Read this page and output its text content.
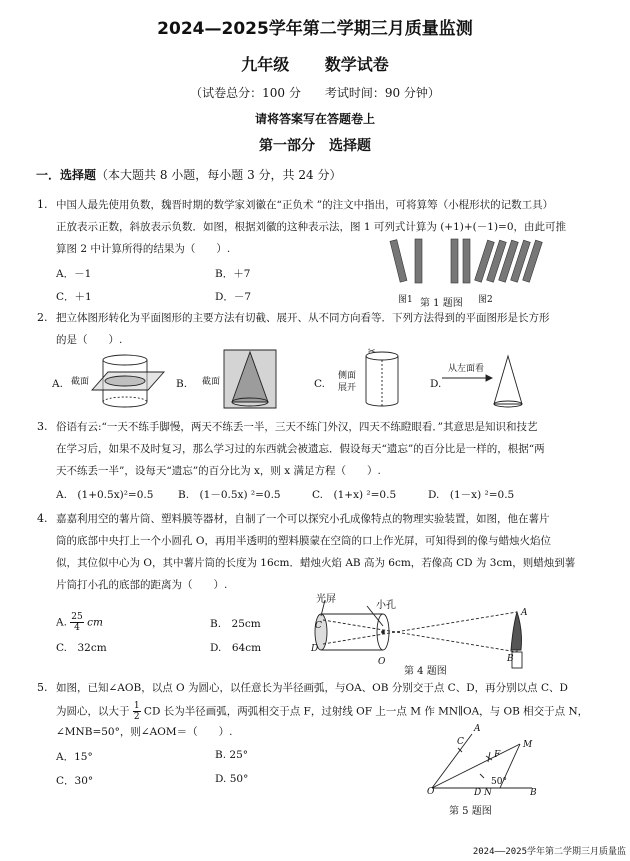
2024—2025学年第二学期三月质量监测
九年级　 数学试卷
（试卷总分：100 分　　考试时间：90 分钟）
请将答案写在答题卷上
第一部分　选择题
一．选择题（本大题共 8 小题，每小题 3 分，共 24 分）
1. 中国人最先使用负数，魏晋时期的数学家刘徽在“正负术 ”的注文中指出，可将算筹（小棍形状的记数工具）
正放表示正数，斜放表示负数．如图，根据刘徽的这种表示法，图 1 可列式计算为 (+1)+(－1)=0，由此可推
算图 2 中计算所得的结果为（　　）.
A．－1	B．＋7
C．＋1	D．－7	图1	图2
第 1 题图
2. 把立体图形转化为平面图形的主要方法有切截、展开、从不同方向看等．下列方法得到的平面图形是长方形
的是（　　）.
A. 截面	B. 截面	C.
侧面
展开
✂
D.
从左面看
3. 俗语有云:“一天不练手脚慢，两天不练丢一半，三天不练门外汉，四天不练瞪眼看．”其意思是知识和技艺
在学习后，如果不及时复习，那么学习过的东西就会被遗忘．假设每天“遗忘”的百分比是一样的，根据“两
天不练丢一半”，设每天“遗忘”的百分比为 x，则 x 满足方程（　　）.
A.　(1+0.5x)²=0.5 B.　(1－0.5x) ²=0.5	C.　(1+x) ²=0.5	D.　(1－x) ²=0.5
4. 嘉嘉利用空的薯片筒、塑料膜等器材，自制了一个可以探究小孔成像特点的物理实验装置，如图，他在薯片
筒的底部中央打上一个小圆孔 O，再用半透明的塑料膜蒙在空筒的口上作光屏，可知得到的像与蜡烛火焰位
似，其位似中心为 O，其中薯片筒的长度为 16cm．蜡烛火焰 AB 高为 6cm，若像高 CD 为 3cm，则蜡烛到薯
片筒打小孔的底部的距离为（　　）.
A. $\frac{25}{4}$ cm	B.　25cm
C.　32cm	D.　64cm
光屏
小孔
C
D
O
A
B
第 4 题图
5. 如图，已知∠AOB，以点 O 为圆心，以任意长为半径画弧，与OA、OB 分别交于点 C、D，再分别以点 C、D
为圆心，以大于 $\frac{1}{2}$ CD 长为半径画弧，两弧相交于点 F，过射线 OF 上一点 M 作 MN∥OA，与 OB 相交于点 N，
∠MNB=50°，则∠AOM＝（　　）.
A．15°	B. 25°
C．30°	D. 50°
C
A
F
M
50°
O	D N	B
第 5 题图
2024——2025学年第二学期三月质量监
